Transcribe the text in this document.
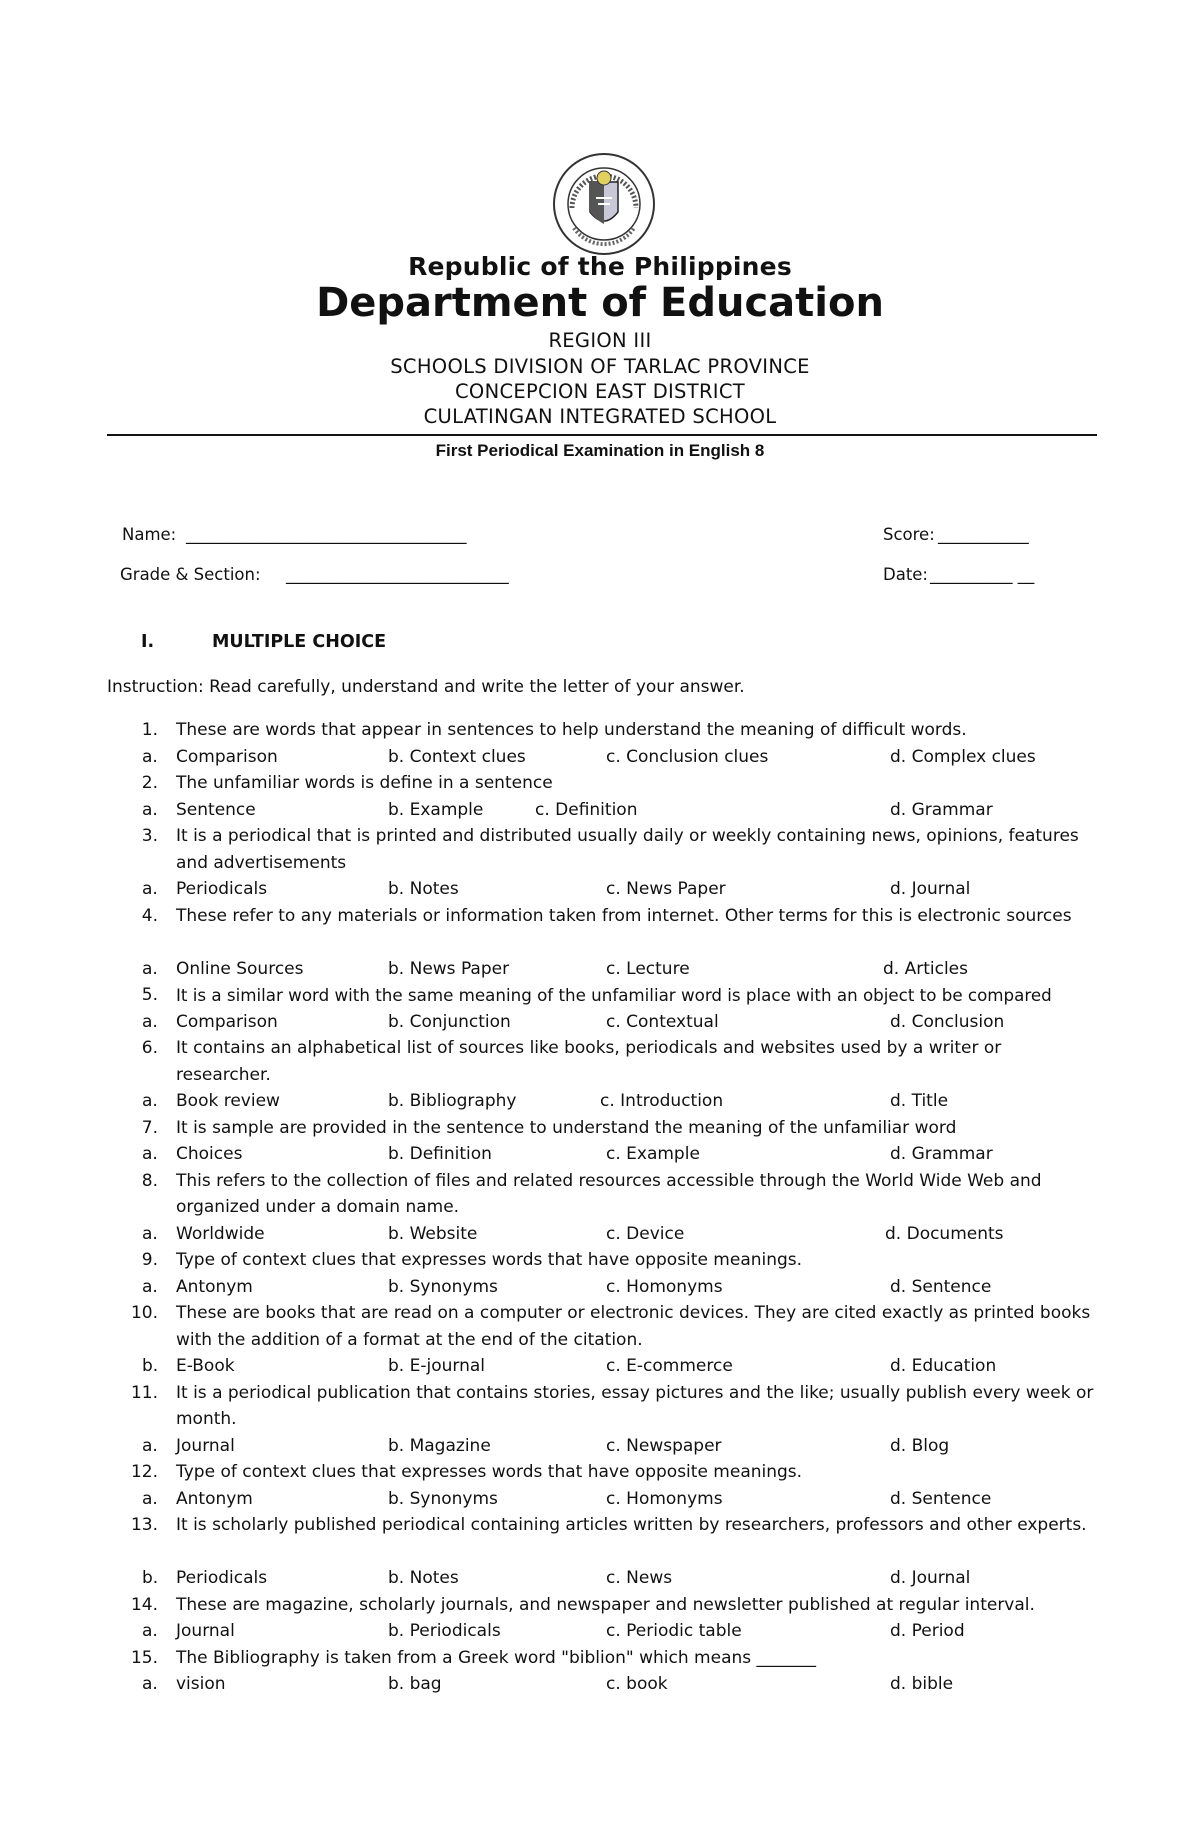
Republic of the Philippines
Department of Education
REGION III
SCHOOLS DIVISION OF TARLAC PROVINCE
CONCEPCION EAST DISTRICT
CULATINGAN INTEGRATED SCHOOL
First Periodical Examination in English 8
Name: __________________________________	Score: ___________
Grade & Section: ___________________________	Date: __________ __
I.	MULTIPLE CHOICE
Instruction: Read carefully, understand and write the letter of your answer.
1. These are words that appear in sentences to help understand the meaning of difficult words.
a. Comparison	b. Context clues	c. Conclusion clues	d. Complex clues
2. The unfamiliar words is define in a sentence
a. Sentence	b. Example	c. Definition	d. Grammar
3. It is a periodical that is printed and distributed usually daily or weekly containing news, opinions, features and advertisements
a. Periodicals	b. Notes	c. News Paper	d. Journal
4. These refer to any materials or information taken from internet. Other terms for this is electronic sources
a. Online Sources	b. News Paper	c. Lecture	d. Articles
5. It is a similar word with the same meaning of the unfamiliar word is place with an object to be compared
a. Comparison	b. Conjunction	c. Contextual	d. Conclusion
6. It contains an alphabetical list of sources like books, periodicals and websites used by a writer or researcher.
a. Book review	b. Bibliography	c. Introduction	d. Title
7. It is sample are provided in the sentence to understand the meaning of the unfamiliar word
a. Choices	b. Definition	c. Example	d. Grammar
8. This refers to the collection of files and related resources accessible through the World Wide Web and organized under a domain name.
a. Worldwide	b. Website	c. Device	d. Documents
9. Type of context clues that expresses words that have opposite meanings.
a. Antonym	b. Synonyms	c. Homonyms	d. Sentence
10. These are books that are read on a computer or electronic devices. They are cited exactly as printed books with the addition of a format at the end of the citation.
b. E-Book	b. E-journal	c. E-commerce	d. Education
11. It is a periodical publication that contains stories, essay pictures and the like; usually publish every week or month.
a. Journal	b. Magazine	c. Newspaper	d. Blog
12. Type of context clues that expresses words that have opposite meanings.
a. Antonym	b. Synonyms	c. Homonyms	d. Sentence
13. It is scholarly published periodical containing articles written by researchers, professors and other experts.
b. Periodicals	b. Notes	c. News	d. Journal
14. These are magazine, scholarly journals, and newspaper and newsletter published at regular interval.
a. Journal	b. Periodicals	c. Periodic table	d. Period
15. The Bibliography is taken from a Greek word "biblion" which means _______
a. vision	b. bag	c. book	d. bible
